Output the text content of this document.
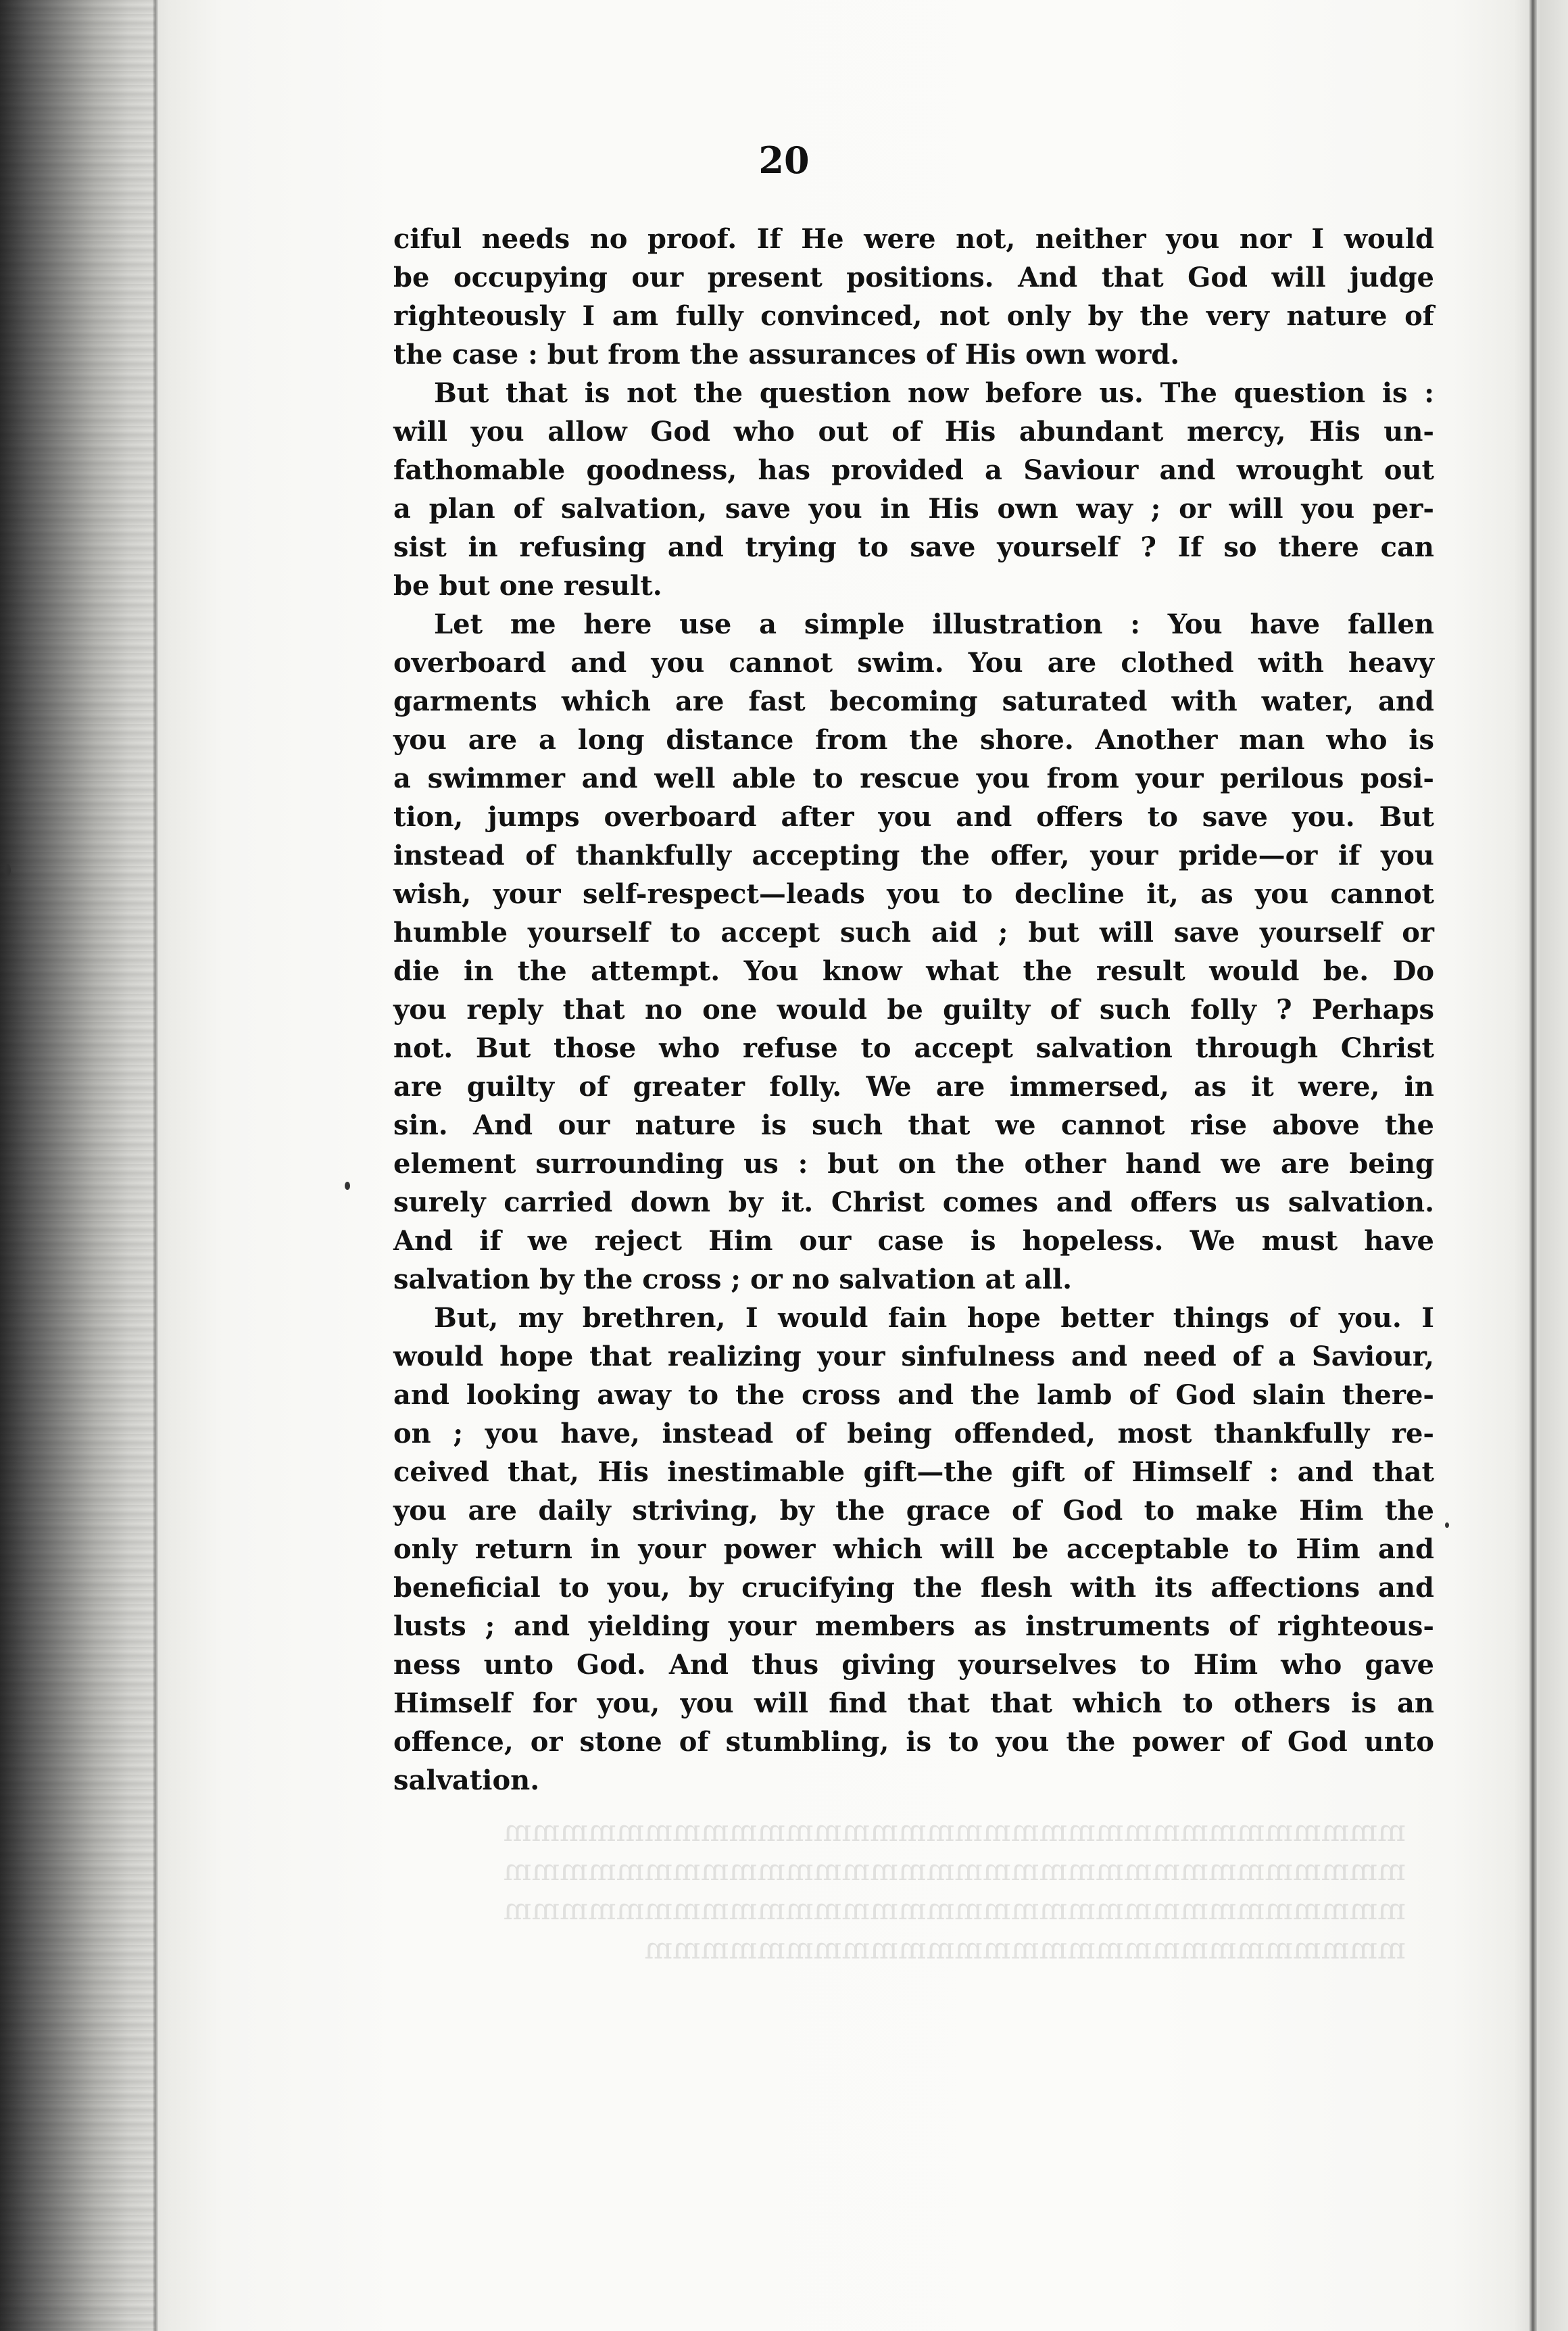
mmmmmmmmmmmmmmmmmmmmmmmmmmmmmmmm
mmmmmmmmmmmmmmmmmmmmmmmmmmmmmmmm
mmmmmmmmmmmmmmmmmmmmmmmmmmmmmmmm
mmmmmmmmmmmmmmmmmmmmmmmmmmm
20
ciful needs no proof. If He were not, neither you nor I would
be occupying our present positions. And that God will judge
righteously I am fully convinced, not only by the very nature of
the case : but from the assurances of His own word.
But that is not the question now before us. The question is :
will you allow God who out of His abundant mercy, His un-
fathomable goodness, has provided a Saviour and wrought out
a plan of salvation, save you in His own way ; or will you per-
sist in refusing and trying to save yourself ? If so there can
be but one result.
Let me here use a simple illustration : You have fallen
overboard and you cannot swim. You are clothed with heavy
garments which are fast becoming saturated with water, and
you are a long distance from the shore. Another man who is
a swimmer and well able to rescue you from your perilous posi-
tion, jumps overboard after you and offers to save you. But
instead of thankfully accepting the offer, your pride—or if you
wish, your self-respect—leads you to decline it, as you cannot
humble yourself to accept such aid ; but will save yourself or
die in the attempt. You know what the result would be. Do
you reply that no one would be guilty of such folly ? Perhaps
not. But those who refuse to accept salvation through Christ
are guilty of greater folly. We are immersed, as it were, in
sin. And our nature is such that we cannot rise above the
element surrounding us : but on the other hand we are being
surely carried down by it. Christ comes and offers us salvation.
And if we reject Him our case is hopeless. We must have
salvation by the cross ; or no salvation at all.
But, my brethren, I would fain hope better things of you. I
would hope that realizing your sinfulness and need of a Saviour,
and looking away to the cross and the lamb of God slain there-
on ; you have, instead of being offended, most thankfully re-
ceived that, His inestimable gift—the gift of Himself : and that
you are daily striving, by the grace of God to make Him the
only return in your power which will be acceptable to Him and
beneficial to you, by crucifying the flesh with its affections and
lusts ; and yielding your members as instruments of righteous-
ness unto God. And thus giving yourselves to Him who gave
Himself for you, you will find that that which to others is an
offence, or stone of stumbling, is to you the power of God unto
salvation.
